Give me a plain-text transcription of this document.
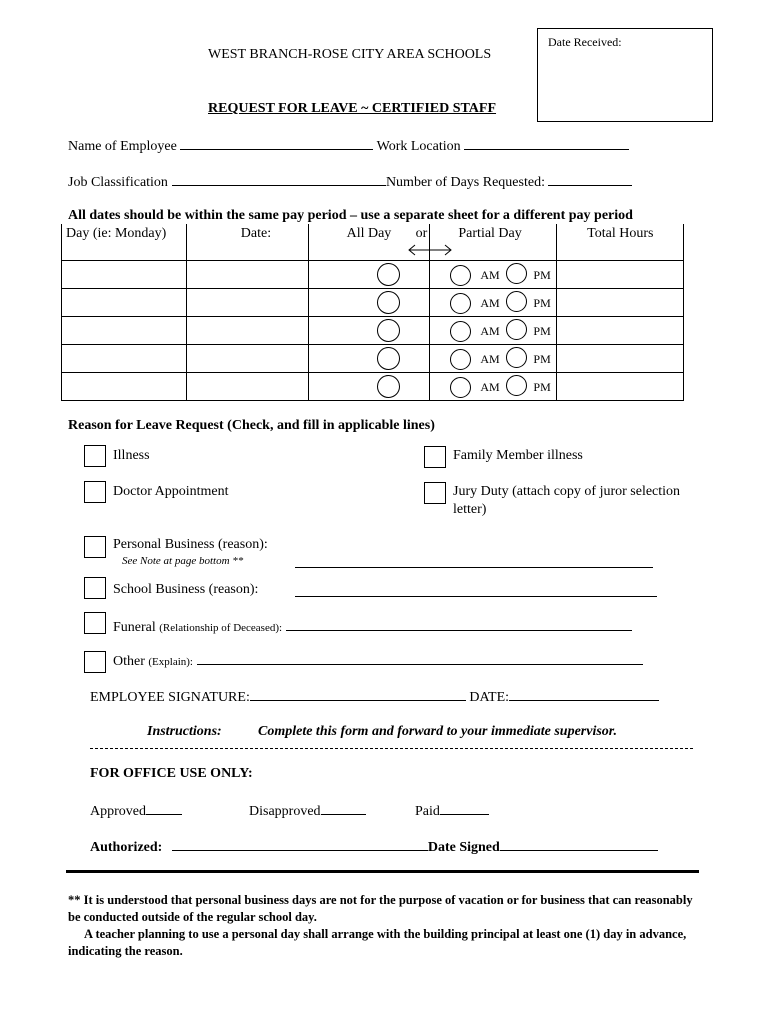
WEST BRANCH-ROSE CITY AREA SCHOOLS
Date Received:
REQUEST FOR LEAVE ~ CERTIFIED STAFF
Name of Employee	Work Location
Job Classification	Number of Days Requested:
All dates should be within the same pay period – use a separate sheet for a different pay period
Day (ie: Monday)	Date:	All Day or	Partial Day	Total Hours

			AM PM	

			AM PM	

			AM PM	

			AM PM	

			AM PM	

Reason for Leave Request (Check, and fill in applicable lines)
Illness	Family Member illness
Doctor Appointment	Jury Duty (attach copy of juror selection
letter)
Personal Business (reason):
See Note at page bottom **
School Business (reason):
Funeral (Relationship of Deceased):
Other (Explain):
EMPLOYEE SIGNATURE:	DATE:
Instructions:	Complete this form and forward to your immediate supervisor.
FOR OFFICE USE ONLY:
Approved	Disapproved	Paid
Authorized:	Date Signed
** It is understood that personal business days are not for the purpose of vacation or for business that can reasonably be conducted outside of the regular school day.
A teacher planning to use a personal day shall arrange with the building principal at least one (1) day in advance, indicating the reason.
